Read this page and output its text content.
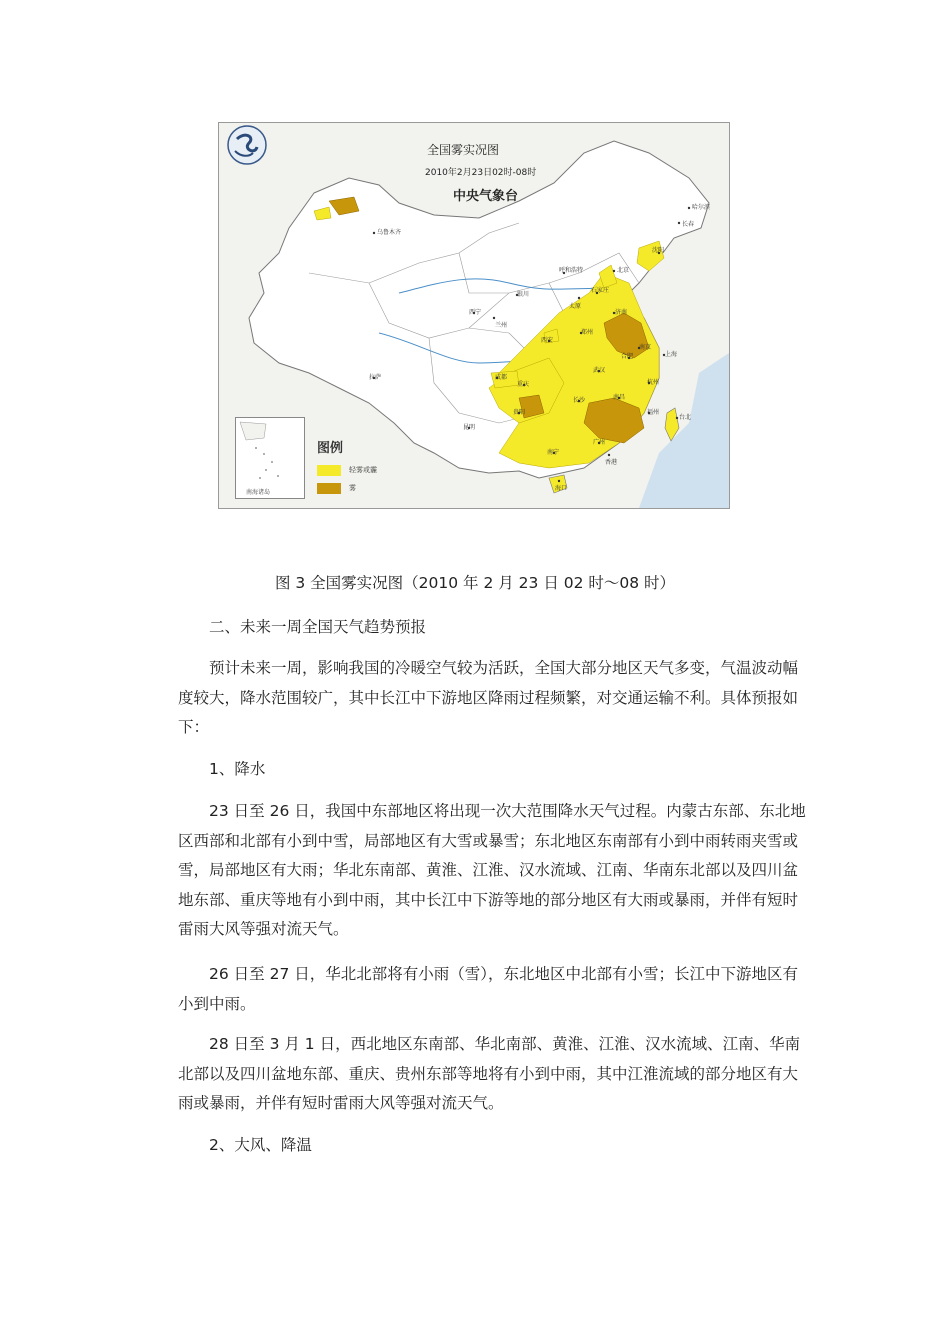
全国雾实况图
2010年2月23日02时-08时
中央气象台
乌鲁木齐
哈尔滨
长春
沈阳
呼和浩特	北京
太原
石家庄
银川
西宁
兰州
西安
郑州
济南
南京
上海
合肥
武汉
杭州
成都
重庆
长沙	南昌
福州
台北
拉萨
昆明
贵阳
南宁
广州
香港
海口
南海诸岛
图例
轻雾或霾
雾
图 3 全国雾实况图（2010 年 2 月 23 日 02 时～08 时）

二、未来一周全国天气趋势预报

预计未来一周，影响我国的冷暖空气较为活跃，全国大部分地区天气多变，气温波动幅度较大，降水范围较广，其中长江中下游地区降雨过程频繁，对交通运输不利。具体预报如下：

1、降水

23 日至 26 日，我国中东部地区将出现一次大范围降水天气过程。内蒙古东部、东北地区西部和北部有小到中雪，局部地区有大雪或暴雪；东北地区东南部有小到中雨转雨夹雪或雪，局部地区有大雨；华北东南部、黄淮、江淮、汉水流域、江南、华南东北部以及四川盆地东部、重庆等地有小到中雨，其中长江中下游等地的部分地区有大雨或暴雨，并伴有短时雷雨大风等强对流天气。

26 日至 27 日，华北北部将有小雨（雪），东北地区中北部有小雪；长江中下游地区有小到中雨。

28 日至 3 月 1 日，西北地区东南部、华北南部、黄淮、江淮、汉水流域、江南、华南北部以及四川盆地东部、重庆、贵州东部等地将有小到中雨，其中江淮流域的部分地区有大雨或暴雨，并伴有短时雷雨大风等强对流天气。

2、大风、降温
